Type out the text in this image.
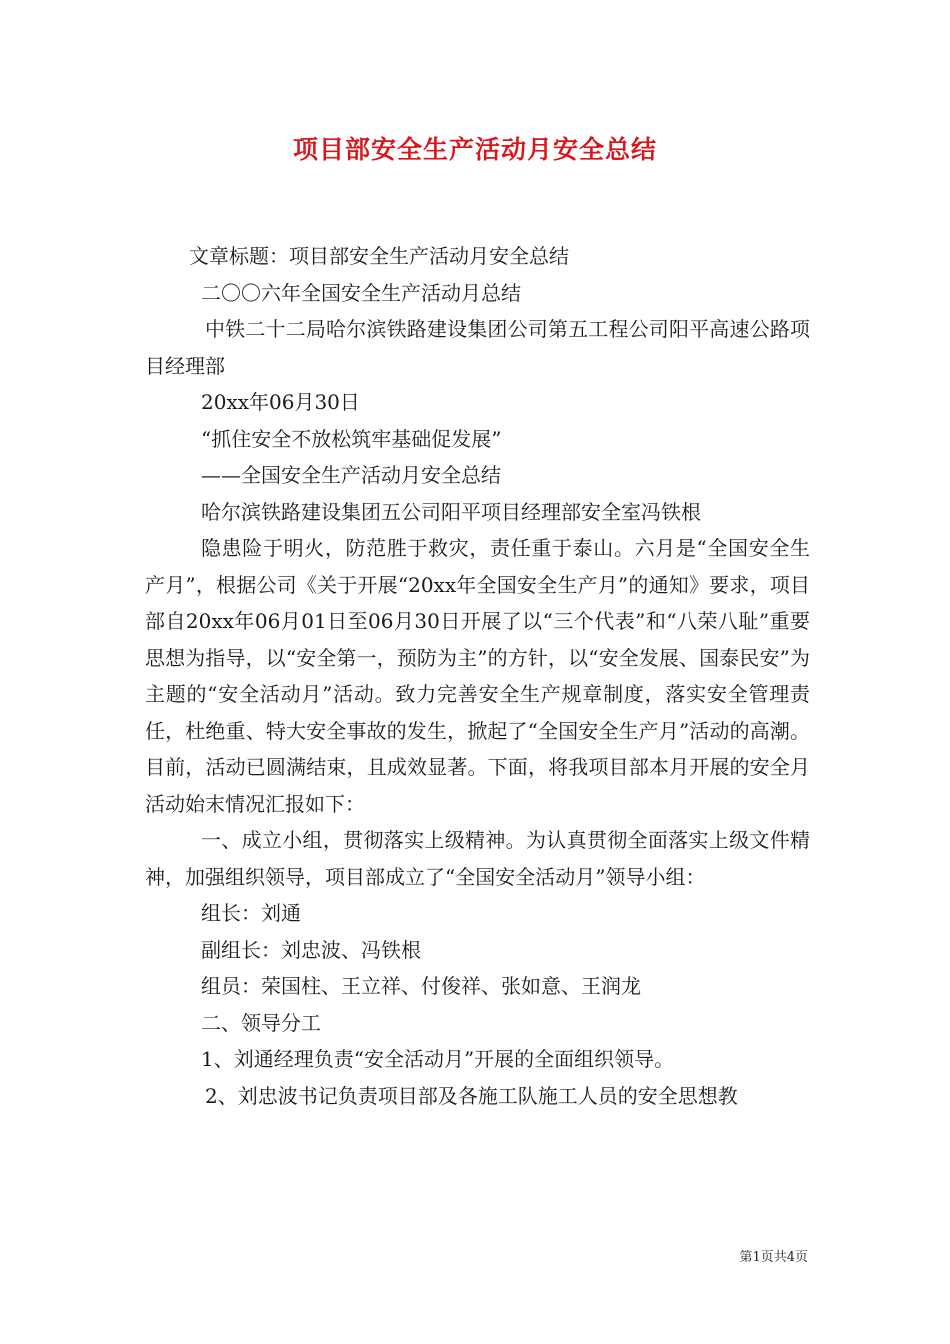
项目部安全生产活动月安全总结

文章标题：项目部安全生产活动月安全总结

二〇〇六年全国安全生产活动月总结

中铁二十二局哈尔滨铁路建设集团公司第五工程公司阳平高速公路项目经理部

20xx年06月30日

“抓住安全不放松筑牢基础促发展”

——全国安全生产活动月安全总结

哈尔滨铁路建设集团五公司阳平项目经理部安全室冯铁根

隐患险于明火，防范胜于救灾，责任重于泰山。六月是“全国安全生产月”，根据公司《关于开展“20xx年全国安全生产月”的通知》要求，项目部自20xx年06月01日至06月30日开展了以“三个代表”和“八荣八耻”重要思想为指导，以“安全第一，预防为主”的方针，以“安全发展、国泰民安”为主题的“安全活动月”活动。致力完善安全生产规章制度，落实安全管理责任，杜绝重、特大安全事故的发生，掀起了“全国安全生产月”活动的高潮。目前，活动已圆满结束，且成效显著。下面，将我项目部本月开展的安全月活动始末情况汇报如下：

一、成立小组，贯彻落实上级精神。为认真贯彻全面落实上级文件精神，加强组织领导，项目部成立了“全国安全活动月”领导小组：

组长：刘通

副组长：刘忠波、冯铁根

组员：荣国柱、王立祥、付俊祥、张如意、王润龙

二、领导分工

1、刘通经理负责“安全活动月”开展的全面组织领导。

2、刘忠波书记负责项目部及各施工队施工人员的安全思想教

第1页共4页
